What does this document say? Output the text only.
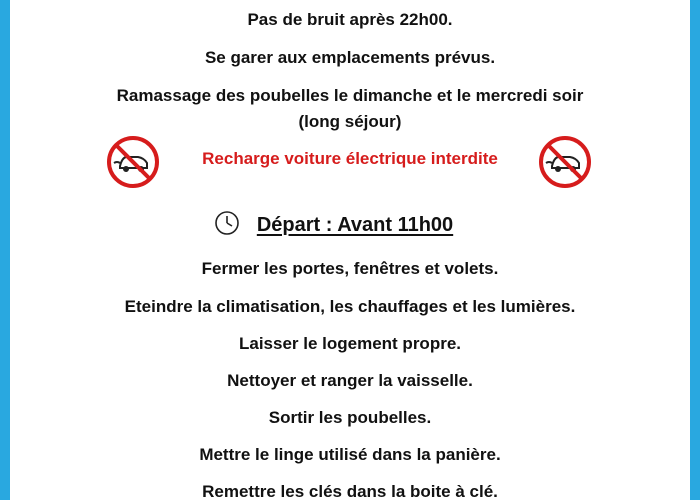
Pas de bruit après 22h00.
Se garer aux emplacements prévus.
Ramassage des poubelles le dimanche et le mercredi soir
(long séjour)
Recharge voiture électrique interdite
Départ : Avant 11h00
Fermer les portes, fenêtres et volets.
Eteindre la climatisation, les chauffages et les lumières.
Laisser le logement propre.
Nettoyer et ranger la vaisselle.
Sortir les poubelles.
Mettre le linge utilisé dans la panière.
Remettre les clés dans la boite à clé.
